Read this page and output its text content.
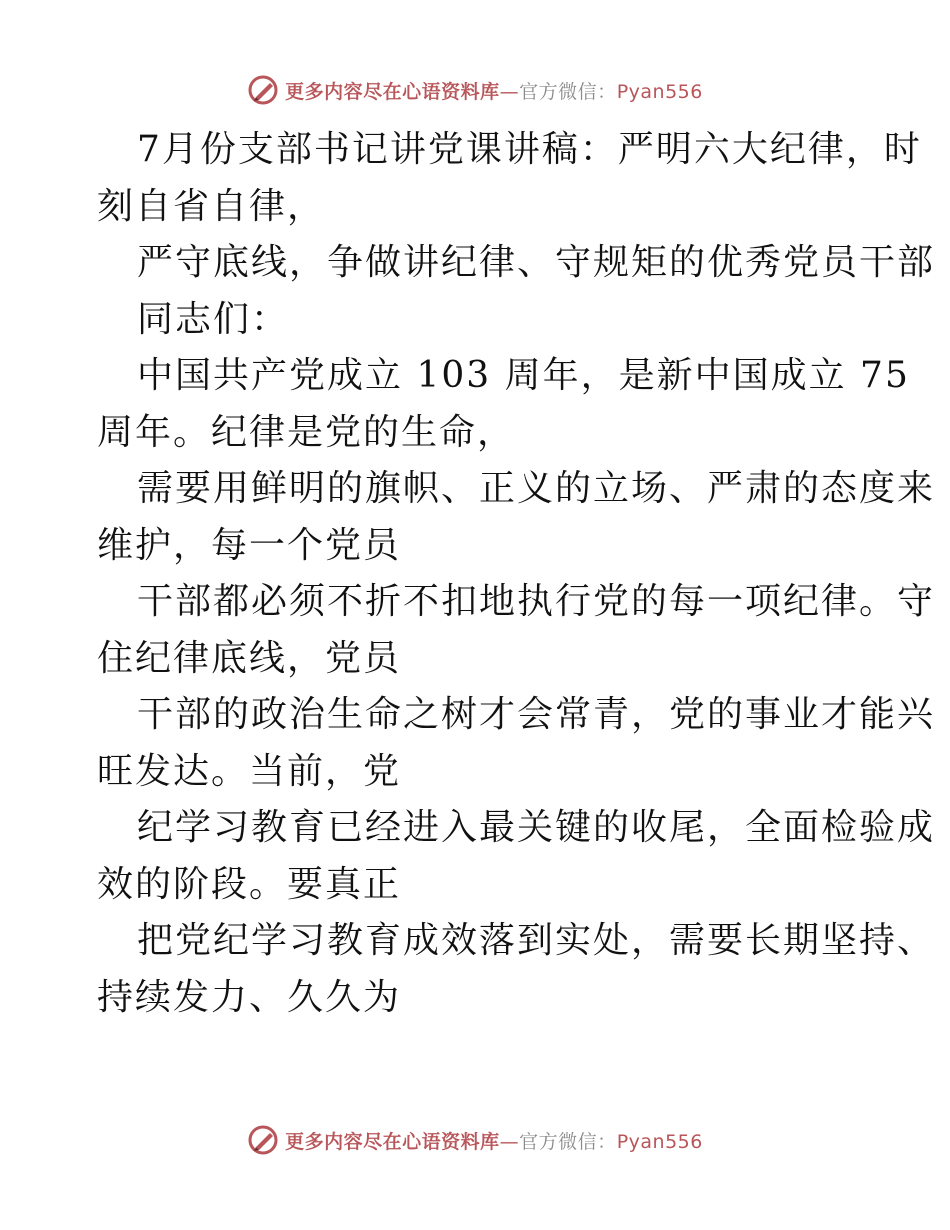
更多内容尽在心语资料库—官方微信：Pyan556
7月份支部书记讲党课讲稿：严明六大纪律，时
刻自省自律，
严守底线，争做讲纪律、守规矩的优秀党员干部
同志们：
中国共产党成立 103 周年，是新中国成立 75
周年。纪律是党的生命，
需要用鲜明的旗帜、正义的立场、严肃的态度来
维护，每一个党员
干部都必须不折不扣地执行党的每一项纪律。守
住纪律底线，党员
干部的政治生命之树才会常青，党的事业才能兴
旺发达。当前，党
纪学习教育已经进入最关键的收尾，全面检验成
效的阶段。要真正
把党纪学习教育成效落到实处，需要长期坚持、
持续发力、久久为
更多内容尽在心语资料库—官方微信：Pyan556
